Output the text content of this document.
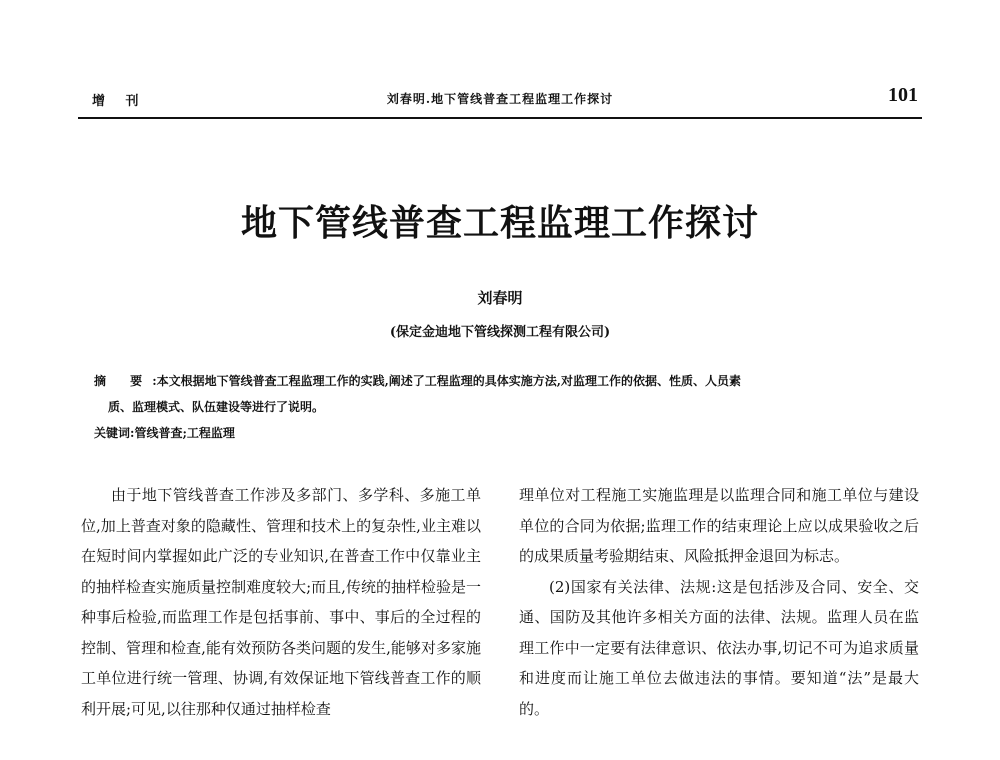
增 刊	刘春明.地下管线普查工程监理工作探讨	101
地下管线普查工程监理工作探讨
刘春明
(保定金迪地下管线探测工程有限公司)
摘 要:本文根据地下管线普查工程监理工作的实践,阐述了工程监理的具体实施方法,对监理工作的依据、性质、人员素
质、监理模式、队伍建设等进行了说明。
关键词:管线普查;工程监理

由于地下管线普查工作涉及多部门、多学科、多施工单位,加上普查对象的隐藏性、管理和技术上的复杂性,业主难以在短时间内掌握如此广泛的专业知识,在普查工作中仅靠业主的抽样检查实施质量控制难度较大;而且,传统的抽样检验是一种事后检验,而监理工作是包括事前、事中、事后的全过程的控制、管理和检查,能有效预防各类问题的发生,能够对多家施工单位进行统一管理、协调,有效保证地下管线普查工作的顺利开展;可见,以往那种仅通过抽样检查

理单位对工程施工实施监理是以监理合同和施工单位与建设单位的合同为依据;监理工作的结束理论上应以成果验收之后的成果质量考验期结束、风险抵押金退回为标志。

(2)国家有关法律、法规:这是包括涉及合同、安全、交通、国防及其他许多相关方面的法律、法规。监理人员在监理工作中一定要有法律意识、依法办事,切记不可为追求质量和进度而让施工单位去做违法的事情。要知道“法”是最大的。
